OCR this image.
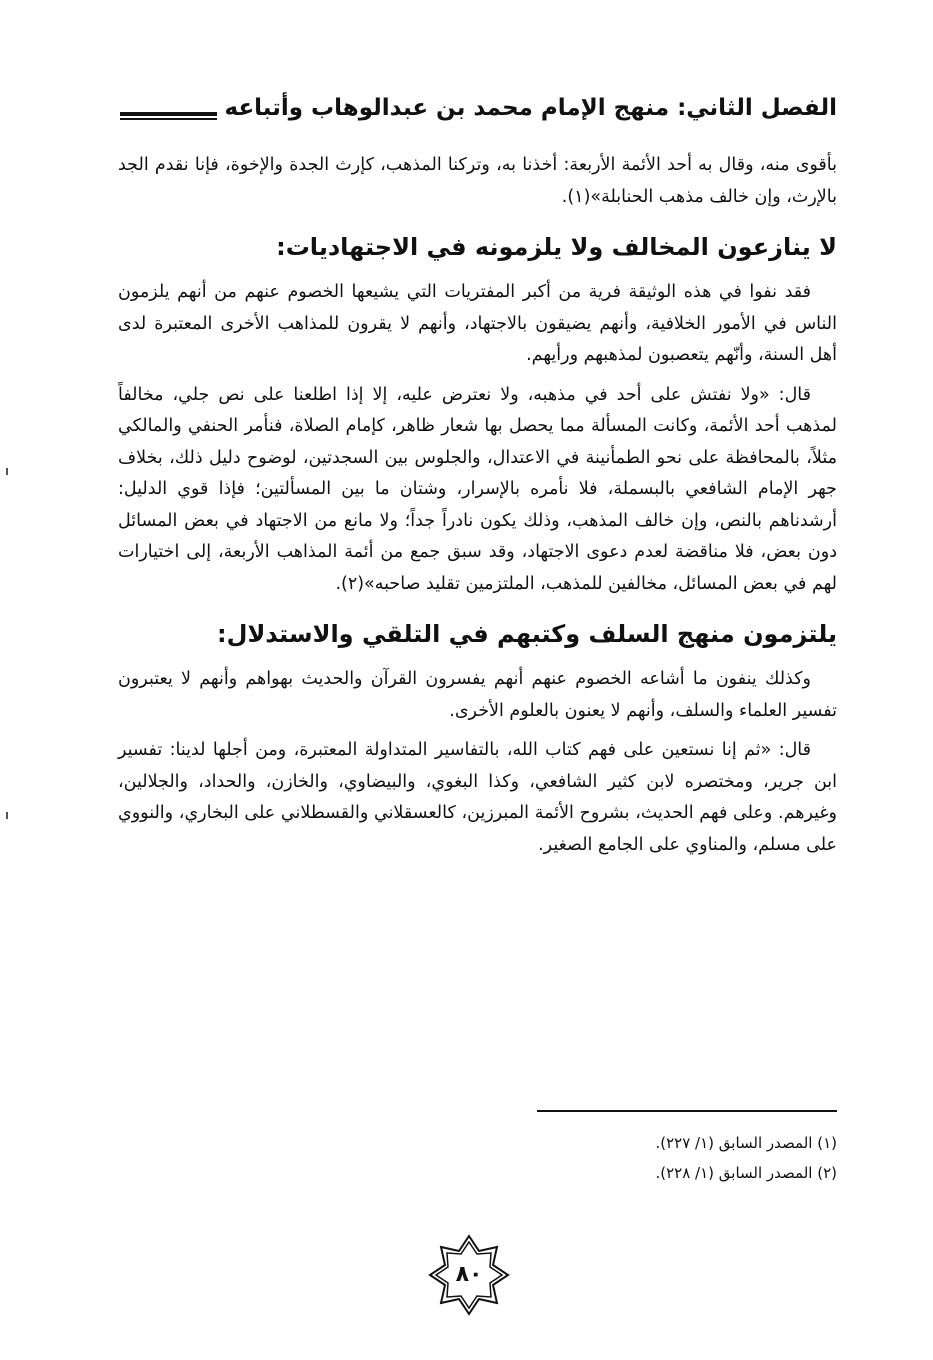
الفصل الثاني: منهج الإمام محمد بن عبدالوهاب وأتباعه

بأقوى منه، وقال به أحد الأئمة الأربعة: أخذنا به، وتركنا المذهب، كإرث الجدة والإخوة، فإنا نقدم الجد بالإرث، وإن خالف مذهب الحنابلة»(١).

لا ينازعون المخالف ولا يلزمونه في الاجتهاديات:

فقد نفوا في هذه الوثيقة فرية من أكبر المفتريات التي يشيعها الخصوم عنهم من أنهم يلزمون الناس في الأمور الخلافية، وأنهم يضيقون بالاجتهاد، وأنهم لا يقرون للمذاهب الأخرى المعتبرة لدى أهل السنة، وأنّهم يتعصبون لمذهبهم ورأيهم.

قال: «ولا نفتش على أحد في مذهبه، ولا نعترض عليه، إلا إذا اطلعنا على نص جلي، مخالفاً لمذهب أحد الأئمة، وكانت المسألة مما يحصل بها شعار ظاهر، كإمام الصلاة، فنأمر الحنفي والمالكي مثلاً، بالمحافظة على نحو الطمأنينة في الاعتدال، والجلوس بين السجدتين، لوضوح دليل ذلك، بخلاف جهر الإمام الشافعي بالبسملة، فلا نأمره بالإسرار، وشتان ما بين المسألتين؛ فإذا قوي الدليل: أرشدناهم بالنص، وإن خالف المذهب، وذلك يكون نادراً جداً؛ ولا مانع من الاجتهاد في بعض المسائل دون بعض، فلا مناقضة لعدم دعوى الاجتهاد، وقد سبق جمع من أئمة المذاهب الأربعة، إلى اختيارات لهم في بعض المسائل، مخالفين للمذهب، الملتزمين تقليد صاحبه»(٢).

يلتزمون منهج السلف وكتبهم في التلقي والاستدلال:

وكذلك ينفون ما أشاعه الخصوم عنهم أنهم يفسرون القرآن والحديث بهواهم وأنهم لا يعتبرون تفسير العلماء والسلف، وأنهم لا يعنون بالعلوم الأخرى.

قال: «ثم إنا نستعين على فهم كتاب الله، بالتفاسير المتداولة المعتبرة، ومن أجلها لدينا: تفسير ابن جرير، ومختصره لابن كثير الشافعي، وكذا البغوي، والبيضاوي، والخازن، والحداد، والجلالين، وغيرهم. وعلى فهم الحديث، بشروح الأئمة المبرزين، كالعسقلاني والقسطلاني على البخاري، والنووي على مسلم، والمناوي على الجامع الصغير.

(١) المصدر السابق (١/ ٢٢٧).
(٢) المصدر السابق (١/ ٢٢٨).
٨٠
